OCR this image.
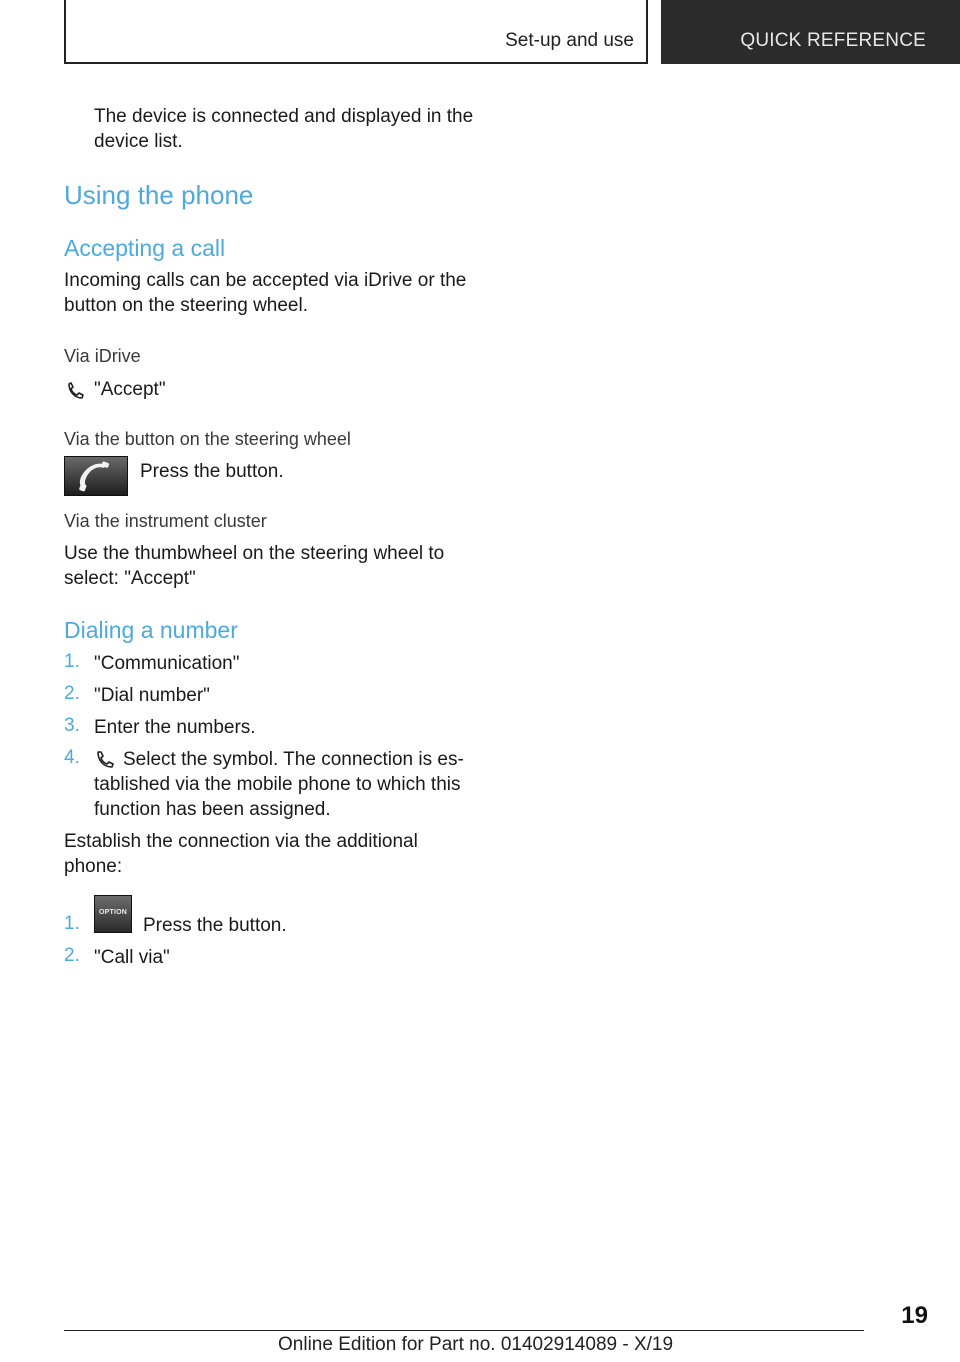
Set-up and use	QUICK REFERENCE
The device is connected and displayed in the
device list.
Using the phone
Accepting a call
Incoming calls can be accepted via iDrive or the
button on the steering wheel.
Via iDrive
"Accept"
Via the button on the steering wheel
Press the button.
Via the instrument cluster
Use the thumbwheel on the steering wheel to
select: "Accept"
Dialing a number
1. "Communication"
2. "Dial number"
3. Enter the numbers.
4. Select the symbol. The connection is es-
tablished via the mobile phone to which this
function has been assigned.
Establish the connection via the additional
phone:
1.
OPTION
Press the button.
2. "Call via"
19
Online Edition for Part no. 01402914089 - X/19
